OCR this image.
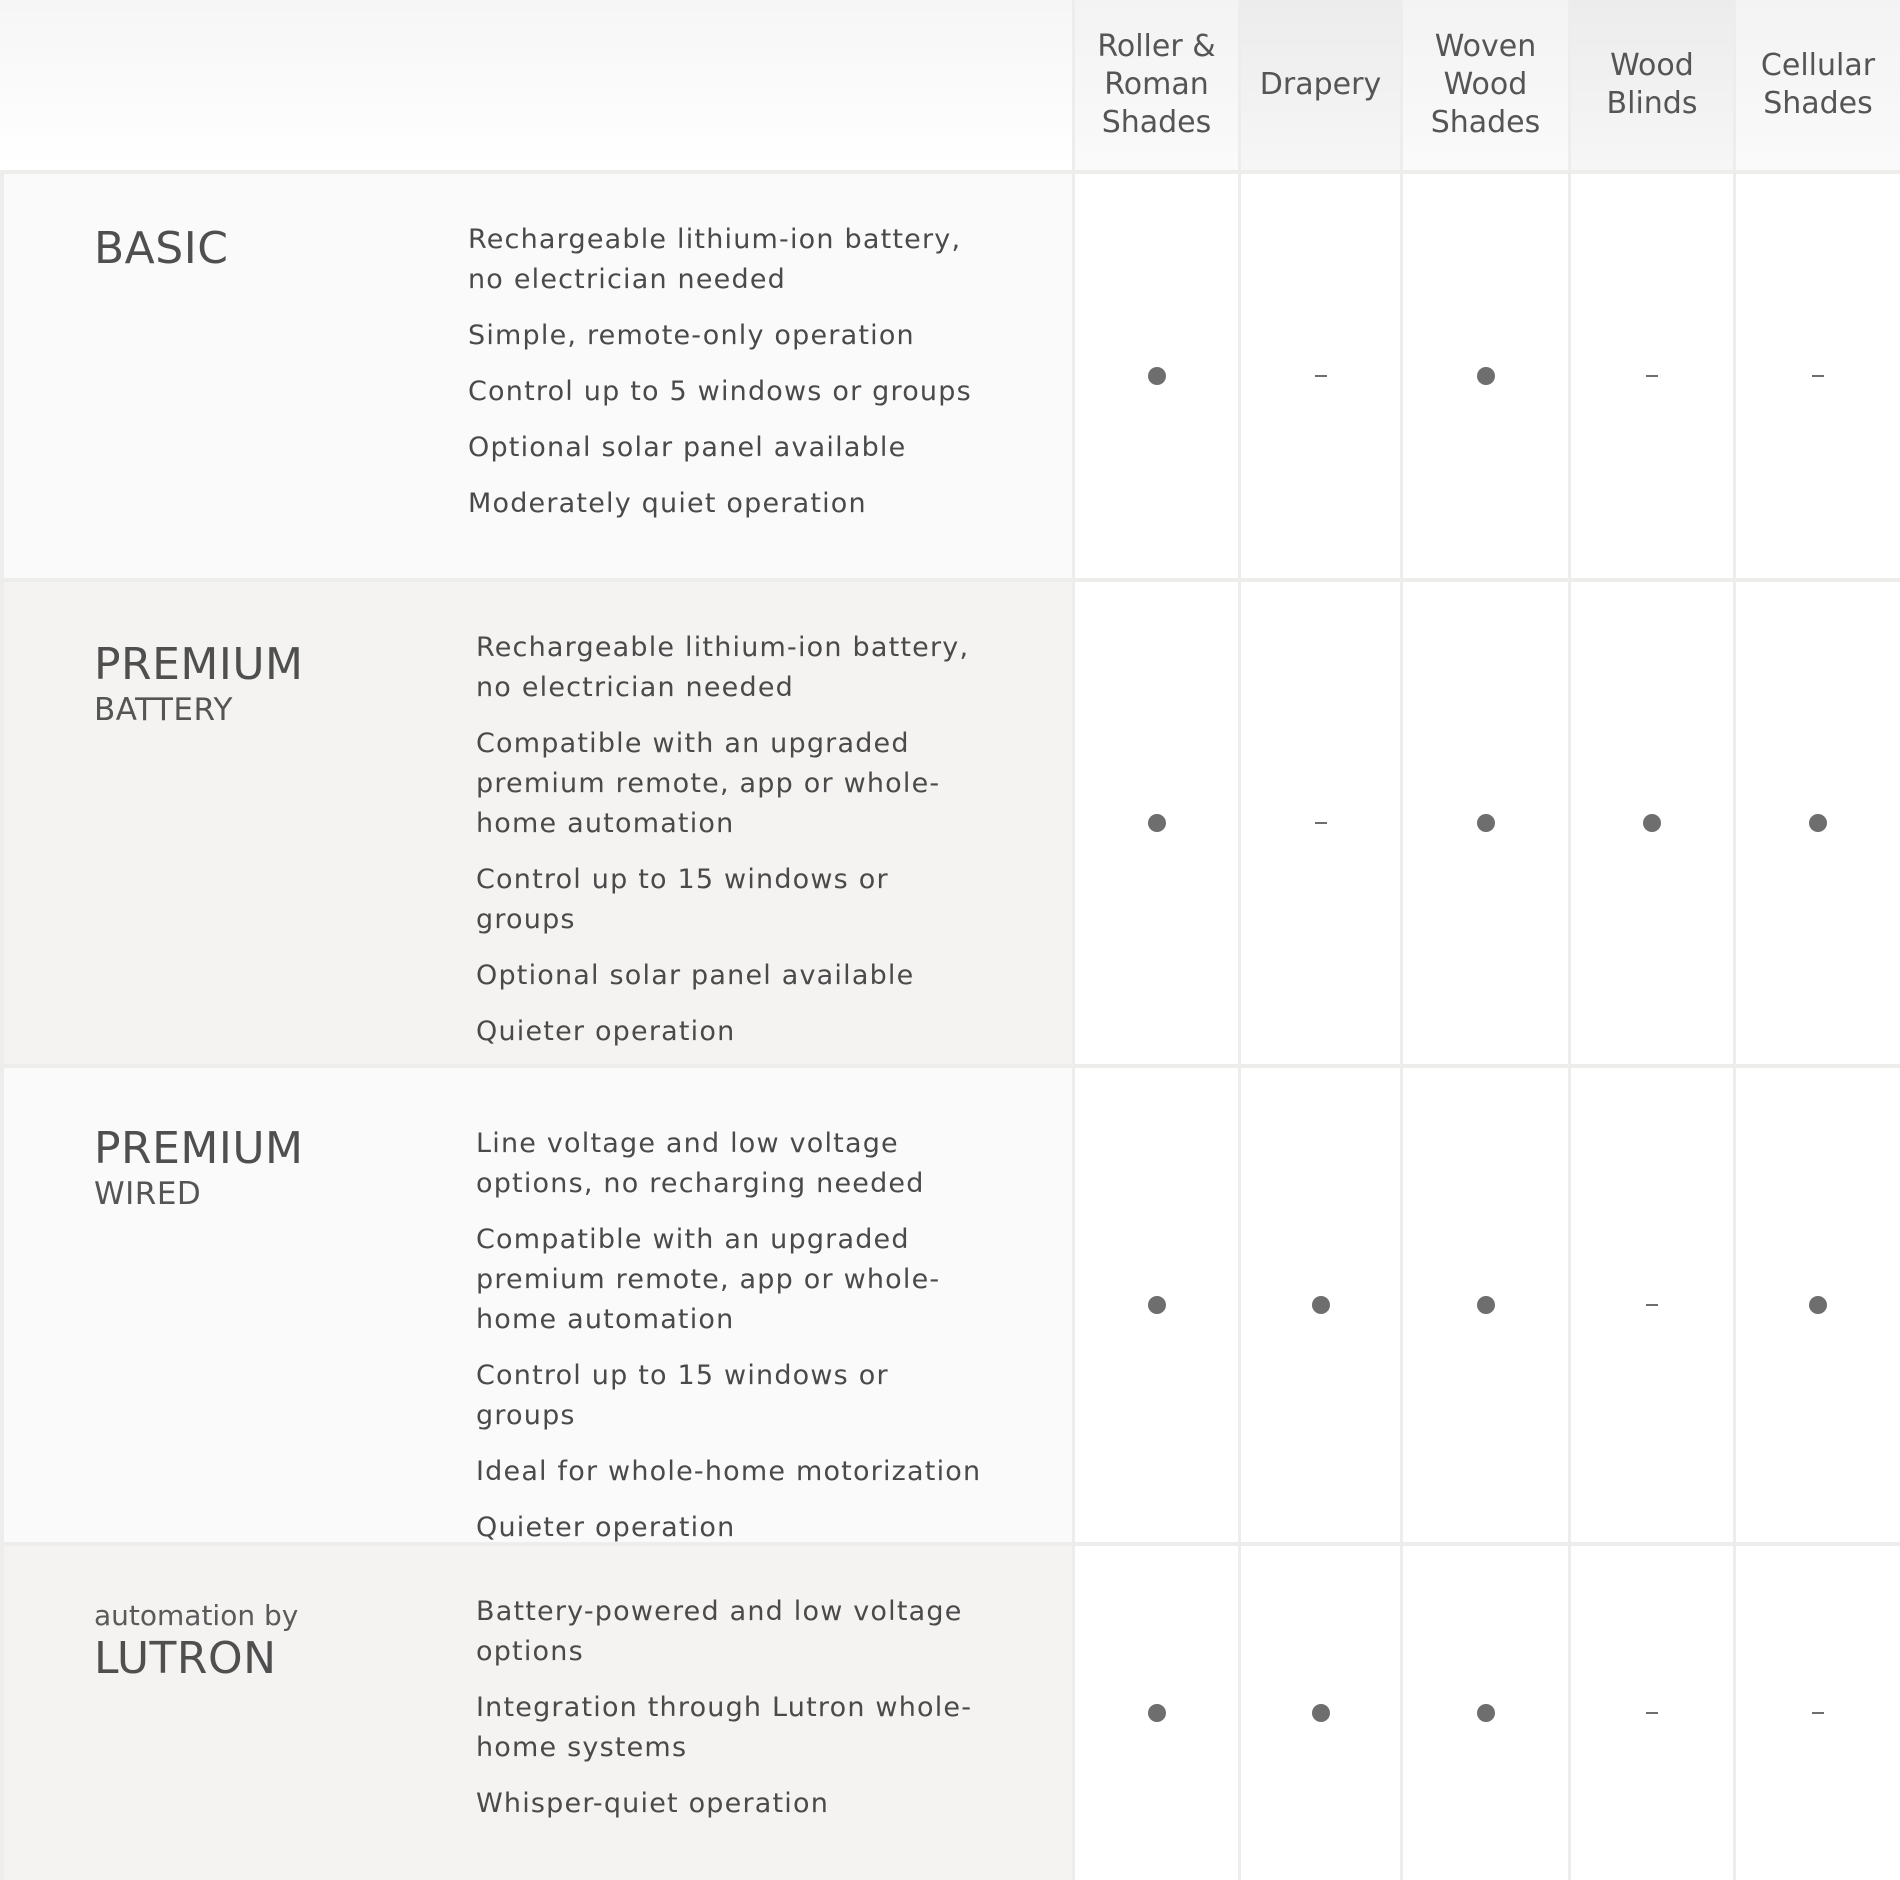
Roller &
Roman
Shades
Drapery
Woven
Wood
Shades
Wood
Blinds
Cellular
Shades
BASIC	Rechargeable lithium-ion battery, no electrician needed
Simple, remote-only operation
Control up to 5 windows or groups
Optional solar panel available
Moderately quiet operation
PREMIUM
BATTERY
Rechargeable lithium-ion battery, no electrician needed
Compatible with an upgraded premium remote, app or whole-home automation
Control up to 15 windows or groups
Optional solar panel available
Quieter operation
PREMIUM
WIRED
Line voltage and low voltage options, no recharging needed
Compatible with an upgraded premium remote, app or whole-home automation
Control up to 15 windows or groups
Ideal for whole-home motorization
Quieter operation
automation by
LUTRON
Battery-powered and low voltage options
Integration through Lutron whole-home systems
Whisper-quiet operation
